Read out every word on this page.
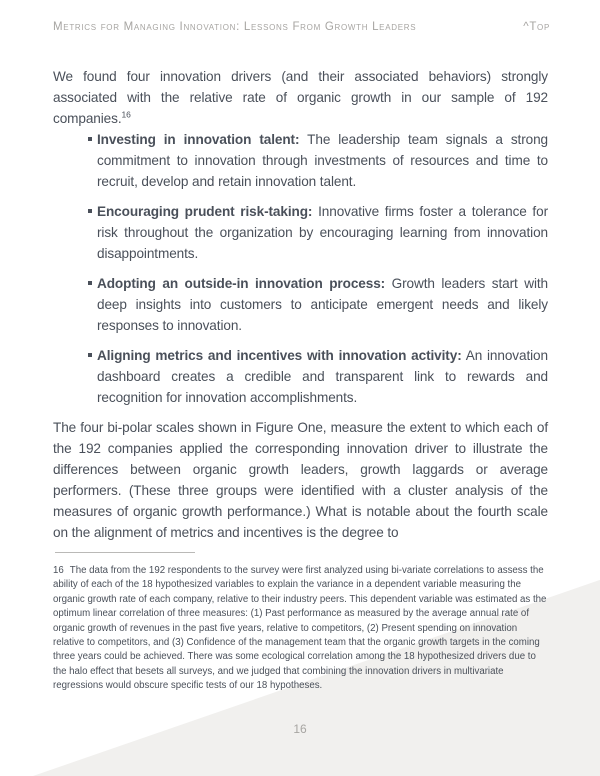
Metrics for Managing Innovation: Lessons From Growth Leaders	^Top

We found four innovation drivers (and their associated behaviors) strongly associated with the relative rate of organic growth in our sample of 192 companies.$^{16}$

Investing in innovation talent: The leadership team signals a strong commitment to innovation through investments of resources and time to recruit, develop and retain innovation talent.
Encouraging prudent risk-taking: Innovative firms foster a tolerance for risk throughout the organization by encouraging learning from innovation disappointments.
Adopting an outside-in innovation process: Growth leaders start with deep insights into customers to anticipate emergent needs and likely responses to innovation.
Aligning metrics and incentives with innovation activity: An innovation dashboard creates a credible and transparent link to rewards and recognition for innovation accomplishments.

The four bi-polar scales shown in Figure One, measure the extent to which each of the 192 companies applied the corresponding innovation driver to illustrate the differences between organic growth leaders, growth laggards or average performers. (These three groups were identified with a cluster analysis of the measures of organic growth performance.) What is notable about the fourth scale on the alignment of metrics and incentives is the degree to

16 The data from the 192 respondents to the survey were first analyzed using bi-variate correlations to assess the ability of each of the 18 hypothesized variables to explain the variance in a dependent variable measuring the organic growth rate of each company, relative to their industry peers. This dependent variable was estimated as the optimum linear correlation of three measures: (1) Past performance as measured by the average annual rate of organic growth of revenues in the past five years, relative to competitors, (2) Present spending on innovation relative to competitors, and (3) Confidence of the management team that the organic growth targets in the coming three years could be achieved. There was some ecological correlation among the 18 hypothesized drivers due to the halo effect that besets all surveys, and we judged that combining the innovation drivers in multivariate regressions would obscure specific tests of our 18 hypotheses.

16
